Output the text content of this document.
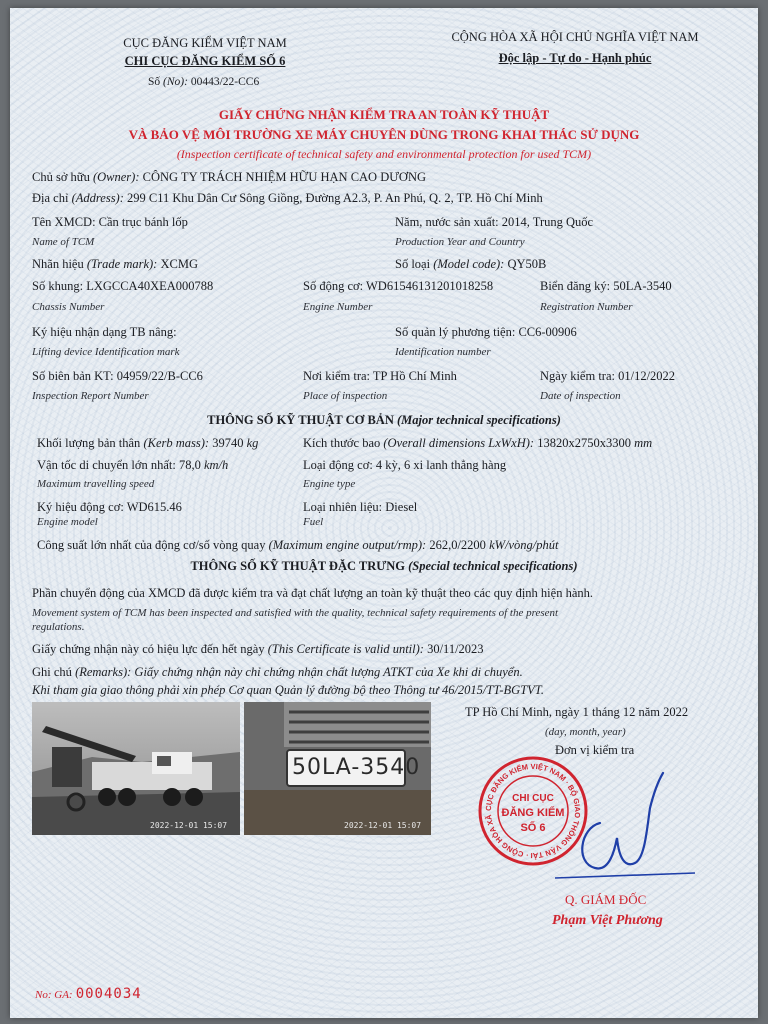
CỤC ĐĂNG KIỂM VIỆT NAM
CHI CỤC ĐĂNG KIỂM SỐ 6
Số (No): 00443/22-CC6
CỘNG HÒA XÃ HỘI CHỦ NGHĨA VIỆT NAM
Độc lập - Tự do - Hạnh phúc
GIẤY CHỨNG NHẬN KIỂM TRA AN TOÀN KỸ THUẬT
VÀ BẢO VỆ MÔI TRƯỜNG XE MÁY CHUYÊN DÙNG TRONG KHAI THÁC SỬ DỤNG
(Inspection certificate of technical safety and environmental protection for used TCM)
Chủ sở hữu (Owner): CÔNG TY TRÁCH NHIỆM HỮU HẠN CAO DƯƠNG
Địa chỉ (Address): 299 C11 Khu Dân Cư Sông Giồng, Đường A2.3, P. An Phú, Q. 2, TP. Hồ Chí Minh
Tên XMCD: Cần trục bánh lốp
Name of TCM
Năm, nước sản xuất: 2014, Trung Quốc
Production Year and Country
Nhãn hiệu (Trade mark): XCMG	Số loại (Model code): QY50B
Số khung: LXGCCA40XEA000788
Chassis Number
Số động cơ: WD61546131201018258
Engine Number
Biển đăng ký: 50LA-3540
Registration Number
Ký hiệu nhận dạng TB nâng:
Lifting device Identification mark
Số quản lý phương tiện: CC6-00906
Identification number
Số biên bản KT: 04959/22/B-CC6
Inspection Report Number
Nơi kiểm tra: TP Hồ Chí Minh
Place of inspection
Ngày kiểm tra: 01/12/2022
Date of inspection
THÔNG SỐ KỸ THUẬT CƠ BẢN (Major technical specifications)
Khối lượng bản thân (Kerb mass): 39740 kg	Kích thước bao (Overall dimensions LxWxH): 13820x2750x3300 mm
Vận tốc di chuyển lớn nhất: 78,0 km/h
Maximum travelling speed
Loại động cơ: 4 kỳ, 6 xi lanh thẳng hàng
Engine type
Ký hiệu động cơ: WD615.46
Engine model
Loại nhiên liệu: Diesel
Fuel
Công suất lớn nhất của động cơ/số vòng quay (Maximum engine output/rmp): 262,0/2200 kW/vòng/phút
THÔNG SỐ KỸ THUẬT ĐẶC TRƯNG (Special technical specifications)
Phần chuyển động của XMCD đã được kiểm tra và đạt chất lượng an toàn kỹ thuật theo các quy định hiện hành.
Movement system of TCM has been inspected and satisfied with the quality, technical safety requirements of the present
regulations.
Giấy chứng nhận này có hiệu lực đến hết ngày (This Certificate is valid until): 30/11/2023
Ghi chú (Remarks): Giấy chứng nhận này chỉ chứng nhận chất lượng ATKT của Xe khi di chuyển.
Khi tham gia giao thông phải xin phép Cơ quan Quản lý đường bộ theo Thông tư 46/2015/TT-BGTVT.
2022-12-01 15:07
50LA-3540
2022-12-01 15:07
TP Hồ Chí Minh, ngày 1 tháng 12 năm 2022
(day, month, year)
Đơn vị kiểm tra
CỤC ĐĂNG KIỂM VIỆT NAM · BỘ GIAO THÔNG VẬN TẢI · CỘNG HÒA XÃ
CHI CỤC
ĐĂNG KIỂM
SỐ 6
Q. GIÁM ĐỐC
Phạm Việt Phương
No: GA: 0004034
